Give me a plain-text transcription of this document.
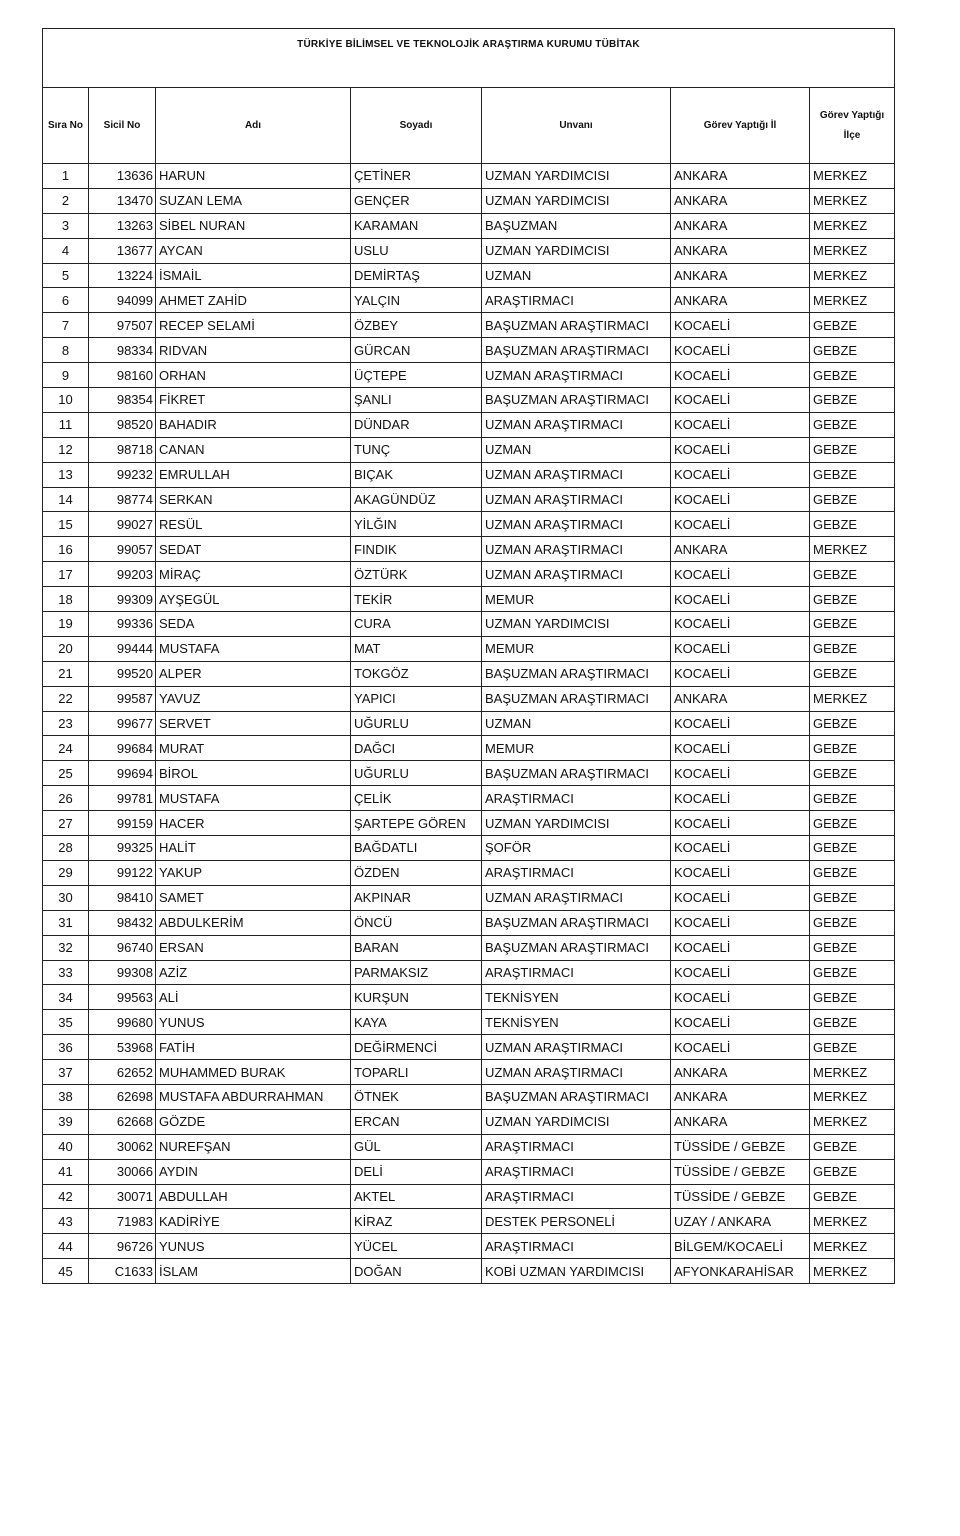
TÜRKİYE BİLİMSEL VE TEKNOLOJİK ARAŞTIRMA KURUMU TÜBİTAK						
Sıra No	Sicil No	Adı	Soyadı	Unvanı	Görev Yaptığı İl	Görev Yaptığı
İlçe
1	13636	HARUN	ÇETİNER	UZMAN YARDIMCISI	ANKARA	MERKEZ
2	13470	SUZAN LEMA	GENÇER	UZMAN YARDIMCISI	ANKARA	MERKEZ
3	13263	SİBEL NURAN	KARAMAN	BAŞUZMAN	ANKARA	MERKEZ
4	13677	AYCAN	USLU	UZMAN YARDIMCISI	ANKARA	MERKEZ
5	13224	İSMAİL	DEMİRTAŞ	UZMAN	ANKARA	MERKEZ
6	94099	AHMET ZAHİD	YALÇIN	ARAŞTIRMACI	ANKARA	MERKEZ
7	97507	RECEP SELAMİ	ÖZBEY	BAŞUZMAN ARAŞTIRMACI	KOCAELİ	GEBZE
8	98334	RIDVAN	GÜRCAN	BAŞUZMAN ARAŞTIRMACI	KOCAELİ	GEBZE
9	98160	ORHAN	ÜÇTEPE	UZMAN ARAŞTIRMACI	KOCAELİ	GEBZE
10	98354	FİKRET	ŞANLI	BAŞUZMAN ARAŞTIRMACI	KOCAELİ	GEBZE
11	98520	BAHADIR	DÜNDAR	UZMAN ARAŞTIRMACI	KOCAELİ	GEBZE
12	98718	CANAN	TUNÇ	UZMAN	KOCAELİ	GEBZE
13	99232	EMRULLAH	BIÇAK	UZMAN ARAŞTIRMACI	KOCAELİ	GEBZE
14	98774	SERKAN	AKAGÜNDÜZ	UZMAN ARAŞTIRMACI	KOCAELİ	GEBZE
15	99027	RESÜL	YİLĞIN	UZMAN ARAŞTIRMACI	KOCAELİ	GEBZE
16	99057	SEDAT	FINDIK	UZMAN ARAŞTIRMACI	ANKARA	MERKEZ
17	99203	MİRAÇ	ÖZTÜRK	UZMAN ARAŞTIRMACI	KOCAELİ	GEBZE
18	99309	AYŞEGÜL	TEKİR	MEMUR	KOCAELİ	GEBZE
19	99336	SEDA	CURA	UZMAN YARDIMCISI	KOCAELİ	GEBZE
20	99444	MUSTAFA	MAT	MEMUR	KOCAELİ	GEBZE
21	99520	ALPER	TOKGÖZ	BAŞUZMAN ARAŞTIRMACI	KOCAELİ	GEBZE
22	99587	YAVUZ	YAPICI	BAŞUZMAN ARAŞTIRMACI	ANKARA	MERKEZ
23	99677	SERVET	UĞURLU	UZMAN	KOCAELİ	GEBZE
24	99684	MURAT	DAĞCI	MEMUR	KOCAELİ	GEBZE
25	99694	BİROL	UĞURLU	BAŞUZMAN ARAŞTIRMACI	KOCAELİ	GEBZE
26	99781	MUSTAFA	ÇELİK	ARAŞTIRMACI	KOCAELİ	GEBZE
27	99159	HACER	ŞARTEPE GÖREN	UZMAN YARDIMCISI	KOCAELİ	GEBZE
28	99325	HALİT	BAĞDATLI	ŞOFÖR	KOCAELİ	GEBZE
29	99122	YAKUP	ÖZDEN	ARAŞTIRMACI	KOCAELİ	GEBZE
30	98410	SAMET	AKPINAR	UZMAN ARAŞTIRMACI	KOCAELİ	GEBZE
31	98432	ABDULKERİM	ÖNCÜ	BAŞUZMAN ARAŞTIRMACI	KOCAELİ	GEBZE
32	96740	ERSAN	BARAN	BAŞUZMAN ARAŞTIRMACI	KOCAELİ	GEBZE
33	99308	AZİZ	PARMAKSIZ	ARAŞTIRMACI	KOCAELİ	GEBZE
34	99563	ALİ	KURŞUN	TEKNİSYEN	KOCAELİ	GEBZE
35	99680	YUNUS	KAYA	TEKNİSYEN	KOCAELİ	GEBZE
36	53968	FATİH	DEĞİRMENCİ	UZMAN ARAŞTIRMACI	KOCAELİ	GEBZE
37	62652	MUHAMMED BURAK	TOPARLI	UZMAN ARAŞTIRMACI	ANKARA	MERKEZ
38	62698	MUSTAFA ABDURRAHMAN	ÖTNEK	BAŞUZMAN ARAŞTIRMACI	ANKARA	MERKEZ
39	62668	GÖZDE	ERCAN	UZMAN YARDIMCISI	ANKARA	MERKEZ
40	30062	NUREFŞAN	GÜL	ARAŞTIRMACI	TÜSSİDE / GEBZE	GEBZE
41	30066	AYDIN	DELİ	ARAŞTIRMACI	TÜSSİDE / GEBZE	GEBZE
42	30071	ABDULLAH	AKTEL	ARAŞTIRMACI	TÜSSİDE / GEBZE	GEBZE
43	71983	KADİRİYE	KİRAZ	DESTEK PERSONELİ	UZAY / ANKARA	MERKEZ
44	96726	YUNUS	YÜCEL	ARAŞTIRMACI	BİLGEM/KOCAELİ	MERKEZ
45	C1633	İSLAM	DOĞAN	KOBİ UZMAN YARDIMCISI	AFYONKARAHİSAR	MERKEZ
